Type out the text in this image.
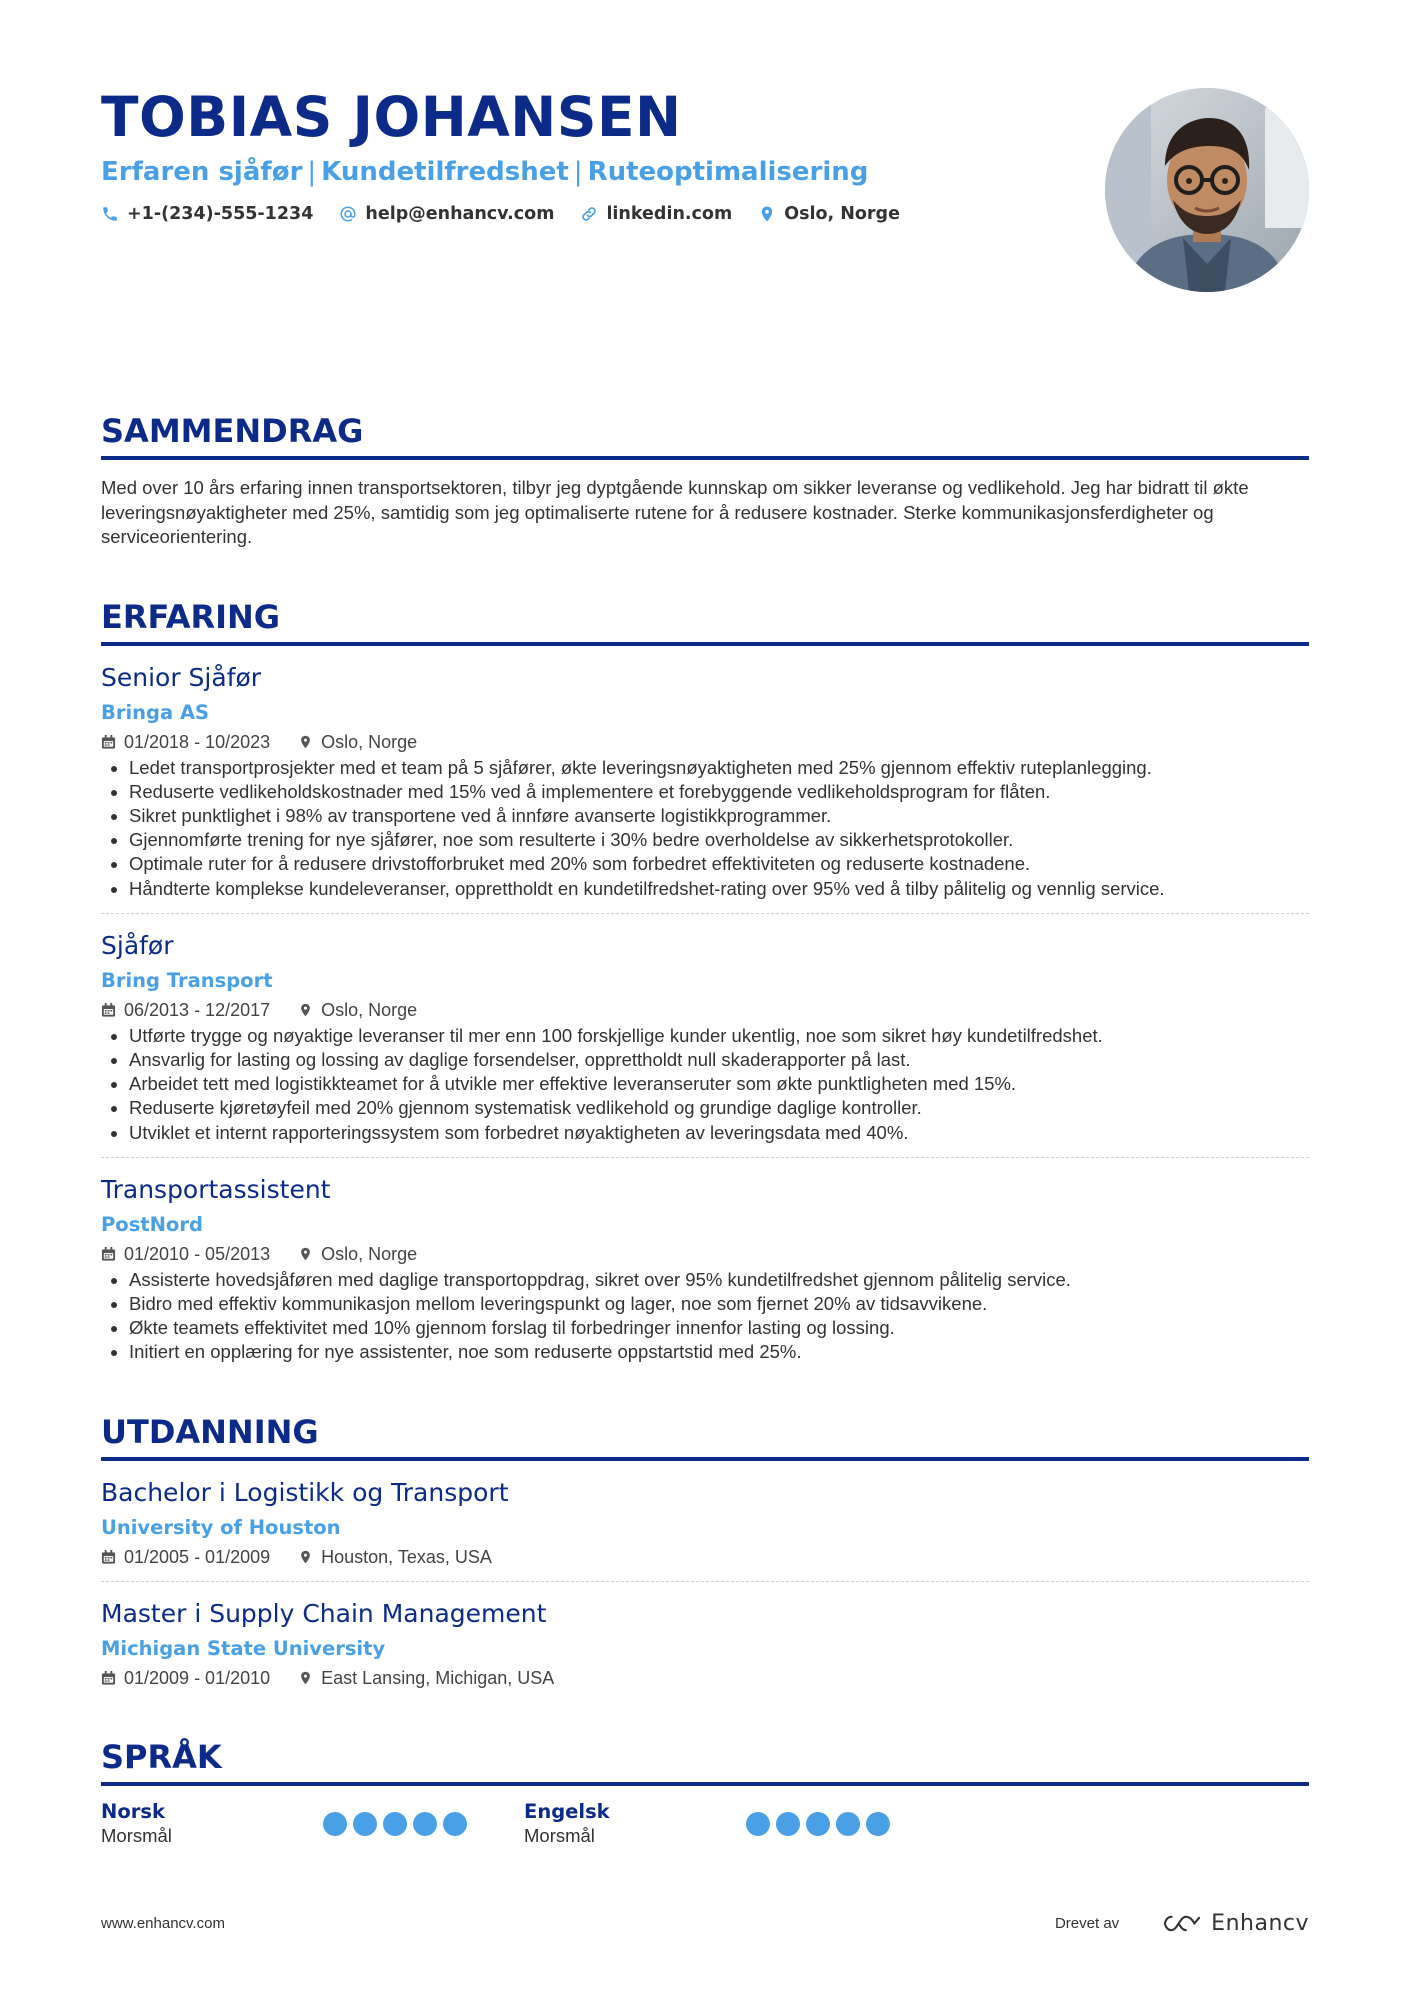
TOBIAS JOHANSEN
Erfaren sjåfør | Kundetilfredshet | Ruteoptimalisering
+1-(234)-555-1234	help@enhancv.com	linkedin.com	Oslo, Norge
SAMMENDRAG
Med over 10 års erfaring innen transportsektoren, tilbyr jeg dyptgående kunnskap om sikker leveranse og vedlikehold. Jeg har bidratt til økte leveringsnøyaktigheter med 25%, samtidig som jeg optimaliserte rutene for å redusere kostnader. Sterke kommunikasjonsferdigheter og serviceorientering.
ERFARING
Senior Sjåfør
Bringa AS
01/2018 - 10/2023	Oslo, Norge
• Ledet transportprosjekter med et team på 5 sjåfører, økte leveringsnøyaktigheten med 25% gjennom effektiv ruteplanlegging.
• Reduserte vedlikeholdskostnader med 15% ved å implementere et forebyggende vedlikeholdsprogram for flåten.
• Sikret punktlighet i 98% av transportene ved å innføre avanserte logistikkprogrammer.
• Gjennomførte trening for nye sjåfører, noe som resulterte i 30% bedre overholdelse av sikkerhetsprotokoller.
• Optimale ruter for å redusere drivstofforbruket med 20% som forbedret effektiviteten og reduserte kostnadene.
• Håndterte komplekse kundeleveranser, opprettholdt en kundetilfredshet-rating over 95% ved å tilby pålitelig og vennlig service.
Sjåfør
Bring Transport
06/2013 - 12/2017	Oslo, Norge
• Utførte trygge og nøyaktige leveranser til mer enn 100 forskjellige kunder ukentlig, noe som sikret høy kundetilfredshet.
• Ansvarlig for lasting og lossing av daglige forsendelser, opprettholdt null skaderapporter på last.
• Arbeidet tett med logistikkteamet for å utvikle mer effektive leveranseruter som økte punktligheten med 15%.
• Reduserte kjøretøyfeil med 20% gjennom systematisk vedlikehold og grundige daglige kontroller.
• Utviklet et internt rapporteringssystem som forbedret nøyaktigheten av leveringsdata med 40%.
Transportassistent
PostNord
01/2010 - 05/2013	Oslo, Norge
• Assisterte hovedsjåføren med daglige transportoppdrag, sikret over 95% kundetilfredshet gjennom pålitelig service.
• Bidro med effektiv kommunikasjon mellom leveringspunkt og lager, noe som fjernet 20% av tidsavvikene.
• Økte teamets effektivitet med 10% gjennom forslag til forbedringer innenfor lasting og lossing.
• Initiert en opplæring for nye assistenter, noe som reduserte oppstartstid med 25%.
UTDANNING
Bachelor i Logistikk og Transport
University of Houston
01/2005 - 01/2009	Houston, Texas, USA
Master i Supply Chain Management
Michigan State University
01/2009 - 01/2010	East Lansing, Michigan, USA
SPRÅK
Norsk
Morsmål
Engelsk
Morsmål
www.enhancv.com	Drevet av	Enhancv
